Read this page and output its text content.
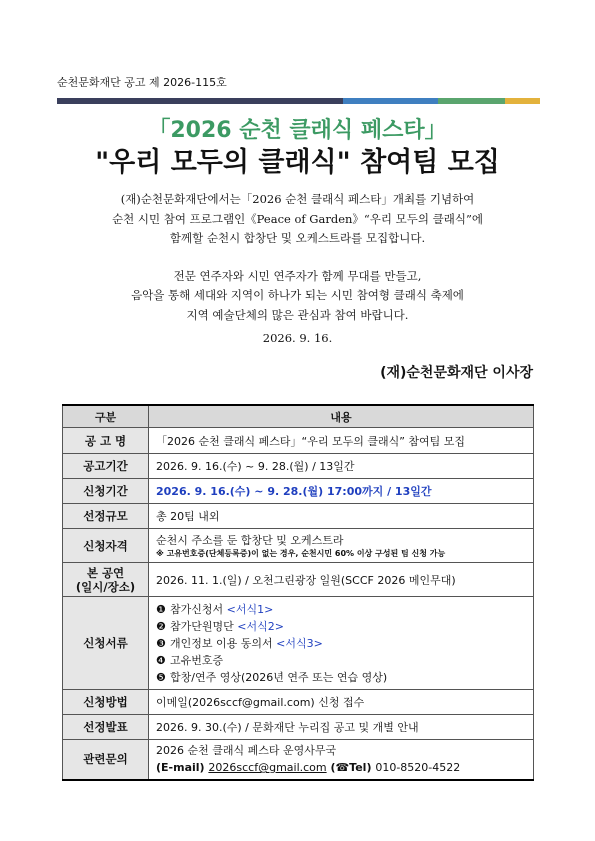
순천문화재단 공고 제 2026-115호
「2026 순천 클래식 페스타」
"우리 모두의 클래식" 참여팀 모집

(재)순천문화재단에서는「2026 순천 클래식 페스타」개최를 기념하여

순천 시민 참여 프로그램인《Peace of Garden》“우리 모두의 클래식”에

함께할 순천시 합창단 및 오케스트라를 모집합니다.

전문 연주자와 시민 연주자가 함께 무대를 만들고,

음악을 통해 세대와 지역이 하나가 되는 시민 참여형 클래식 축제에

지역 예술단체의 많은 관심과 참여 바랍니다.

2026. 9. 16.
(재)순천문화재단 이사장
구분	내용
공 고 명	「2026 순천 클래식 페스타」“우리 모두의 클래식” 참여팀 모집
공고기간	2026. 9. 16.(수) ~ 9. 28.(월) / 13일간
신청기간	2026. 9. 16.(수) ~ 9. 28.(월) 17:00까지 / 13일간
선정규모	총 20팀 내외
신청자격	순천시 주소를 둔 합창단 및 오케스트라
※ 고유번호증(단체등록증)이 없는 경우, 순천시민 60% 이상 구성된 팀 신청 가능

본 공연
(일시/장소)	2026. 11. 1.(일) / 오천그린광장 일원(SCCF 2026 메인무대)
신청서류	❶ 참가신청서 <서식1>
❷ 참가단원명단 <서식2>
❸ 개인정보 이용 동의서 <서식3>
❹ 고유번호증
❺ 합창/연주 영상(2026년 연주 또는 연습 영상)

신청방법	이메일(2026sccf@gmail.com) 신청 접수
선정발표	2026. 9. 30.(수) / 문화재단 누리집 공고 및 개별 안내
관련문의	2026 순천 클래식 페스타 운영사무국
(E-mail) 2026sccf@gmail.com (☎Tel) 010-8520-4522
